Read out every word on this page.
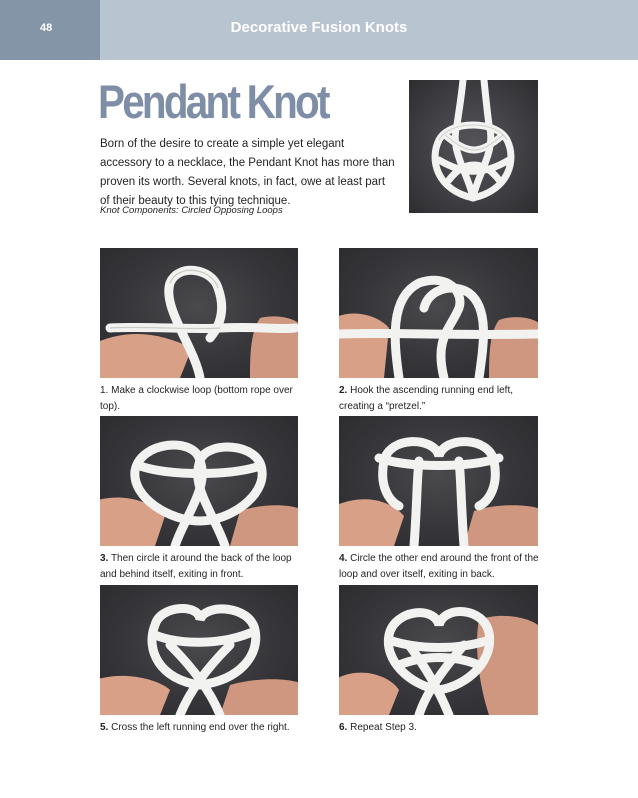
48	Decorative Fusion Knots
Pendant Knot

Born of the desire to create a simple yet elegant accessory to a necklace, the Pendant Knot has more than proven its worth. Several knots, in fact, owe at least part of their beauty to this tying technique.

Knot Components: Circled Opposing Loops

1. Make a clockwise loop (bottom rope over top).

2. Hook the ascending running end left, creating a “pretzel.”

3. Then circle it around the back of the loop and behind itself, exiting in front.

4. Circle the other end around the front of the loop and over itself, exiting in back.

5. Cross the left running end over the right.	6. Repeat Step 3.
